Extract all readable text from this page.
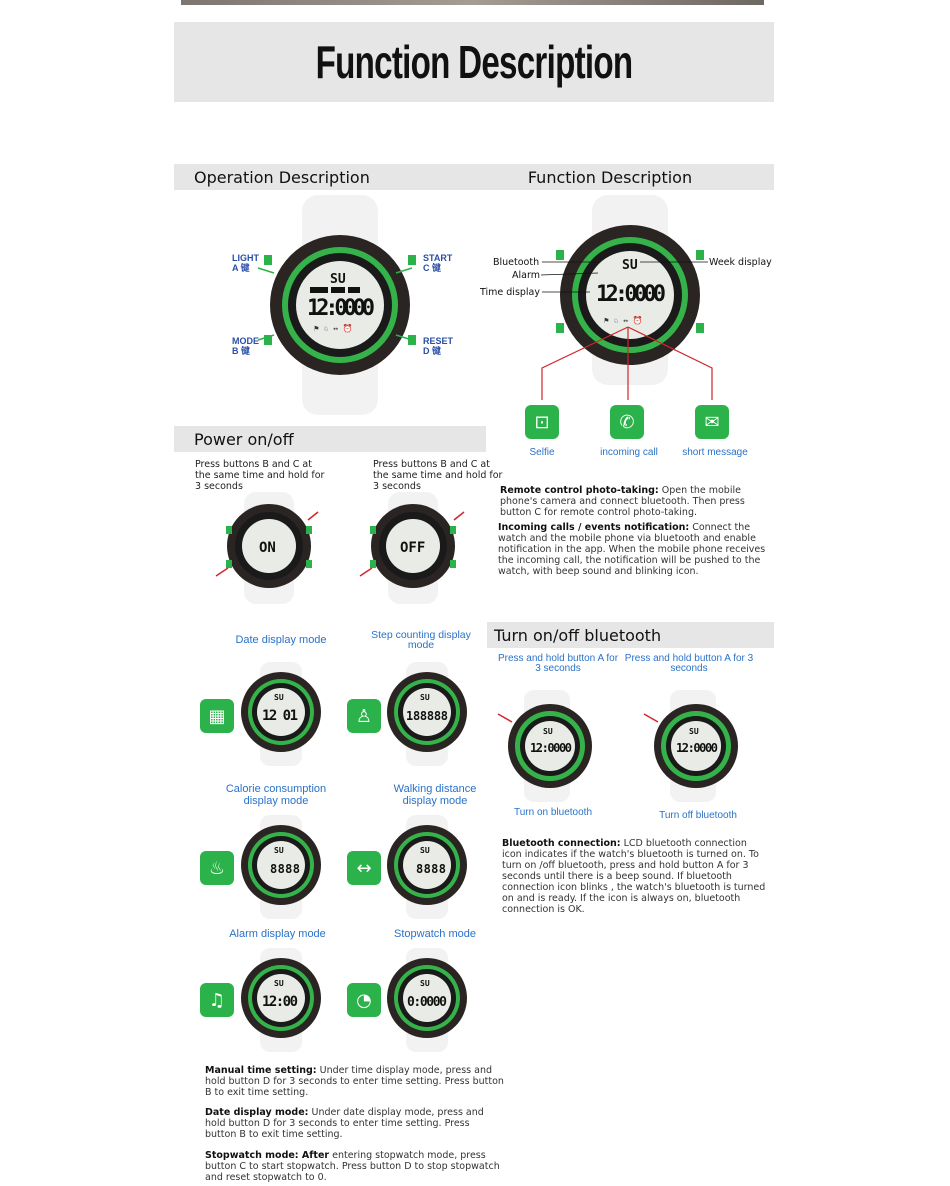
Function Description
Operation Description	Function Description
SU
12:0000
⚑ ♘ ↔ ⏰
LIGHT
A 键
START
C 键
MODE
B 键
RESET
D 键
SU
12:0000
⚑ ♘ ↔ ⏰
Bluetooth
Alarm
Time display
Week display
⊡	✆	✉
Selfie	incoming call	short message
Remote control photo-taking: Open the mobile phone's camera and connect bluetooth. Then press button C for remote control photo-taking.
Incoming calls / events notification: Connect the watch and the mobile phone via bluetooth and enable notification in the app. When the mobile phone receives the incoming call, the notification will be pushed to the watch, with beep sound and blinking icon.
Power on/off
Press buttons B and C at the same time and hold for 3 seconds
Press buttons B and C at the same time and hold for 3 seconds
ON	OFF
Date display mode	Step counting display mode
Calorie consumption display mode
Walking distance display mode
Alarm display mode	Stopwatch mode
▦	♙
♨	↔
♫	◔
SU
12 01
SU
188888
SU
8888
SU
8888
SU
12:00
SU
0:0000
Turn on/off bluetooth
Press and hold button A for 3 seconds
Press and hold button A for 3 seconds
SU
12:0000
SU
12:0000
Turn on bluetooth	Turn off bluetooth
Bluetooth connection: LCD bluetooth connection icon indicates if the watch's bluetooth is turned on. To turn on /off bluetooth, press and hold button A for 3 seconds until there is a beep sound. If bluetooth connection icon blinks , the watch's bluetooth is turned on and is ready. If the icon is always on, bluetooth connection is OK.
Manual time setting: Under time display mode, press and hold button D for 3 seconds to enter time setting. Press button B to exit time setting.
Date display mode: Under date display mode, press and hold button D for 3 seconds to enter time setting. Press button B to exit time setting.
Stopwatch mode: After entering stopwatch mode, press button C to start stopwatch. Press button D to stop stopwatch and reset stopwatch to 0.
